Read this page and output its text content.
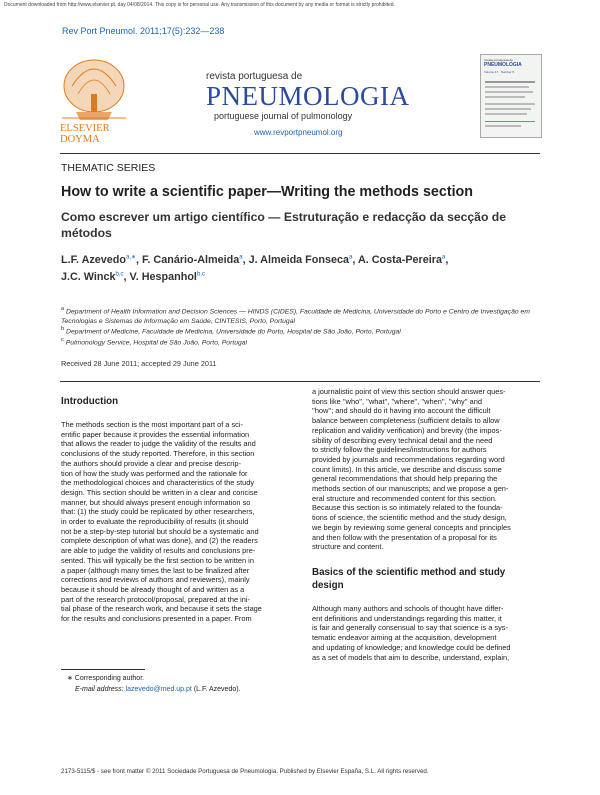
Document downloaded from http://www.elsevier.pt, day 04/08/2014. This copy is for personal use. Any transmission of this document by any media or format is strictly prohibited.
Rev Port Pneumol. 2011;17(5):232—238
ELSEVIER
DOYMA
revista portuguesa de
PNEUMOLOGIA
portuguese journal of pulmonology
www.revportpneumol.org
revista portuguesa de
PNEUMOLOGIA
Volume 17 · Number 5
THEMATIC SERIES
How to write a scientific paper—Writing the methods section
Como escrever um artigo científico — Estruturação e redacção da secção de métodos
L.F. Azevedo$^{a,∗}$, F. Canário-Almeida$^a$, J. Almeida Fonseca$^a$, A. Costa-Pereira$^a$,
J.C. Winck$^{b,c}$, V. Hespanhol$^{b,c}$
$^a$ Department of Health Information and Decision Sciences — HINDS (CIDES), Faculdade de Medicina, Universidade do Porto e Centro de Investigação em Tecnologias e Sistemas de Informação em Saúde, CINTESIS, Porto, Portugal
$^b$ Department of Medicine, Faculdade de Medicina, Universidade do Porto, Hospital de São João, Porto, Portugal
$^c$ Pulmonology Service, Hospital de São João, Porto, Portugal
Received 28 June 2011; accepted 29 June 2011
Introduction
The methods section is the most important part of a sci-
entific paper because it provides the essential information
that allows the reader to judge the validity of the results and
conclusions of the study reported. Therefore, in this section
the authors should provide a clear and precise descrip-
tion of how the study was performed and the rationale for
the methodological choices and characteristics of the study
design. This section should be written in a clear and concise
manner, but should always present enough information so
that: (1) the study could be replicated by other researchers,
in order to evaluate the reproducibility of results (it should
not be a step-by-step tutorial but should be a systematic and
complete description of what was done), and (2) the readers
are able to judge the validity of results and conclusions pre-
sented. This will typically be the first section to be written in
a paper (although many times the last to be finalized after
corrections and reviews of authors and reviewers), mainly
because it should be already thought of and written as a
part of the research protocol/proposal, prepared at the ini-
tial phase of the research work, and because it sets the stage
for the results and conclusions presented in a paper. From
a journalistic point of view this section should answer ques-
tions like ''who'', ''what'', ''where'', ''when'', ''why'' and
''how''; and should do it having into account the difficult
balance between completeness (sufficient details to allow
replication and validity verification) and brevity (the impos-
sibility of describing every technical detail and the need
to strictly follow the guidelines/instructions for authors
provided by journals and recommendations regarding word
count limits). In this article, we describe and discuss some
general recommendations that should help preparing the
methods section of our manuscripts; and we propose a gen-
eral structure and recommended content for this section.
Because this section is so intimately related to the founda-
tions of science, the scientific method and the study design,
we begin by reviewing some general concepts and principles
and then follow with the presentation of a proposal for its
structure and content.
Basics of the scientific method and study
design
Although many authors and schools of thought have differ-
ent definitions and understandings regarding this matter, it
is fair and generally consensual to say that science is a sys-
tematic endeavor aiming at the acquisition, development
and updating of knowledge; and knowledge could be defined
as a set of models that aim to describe, understand, explain,
∗ Corresponding author.
E-mail address: lazevedo@med.up.pt (L.F. Azevedo).
2173-5115/$ - see front matter © 2011 Sociedade Portuguesa de Pneumologia. Published by Elsevier España, S.L. All rights reserved.
